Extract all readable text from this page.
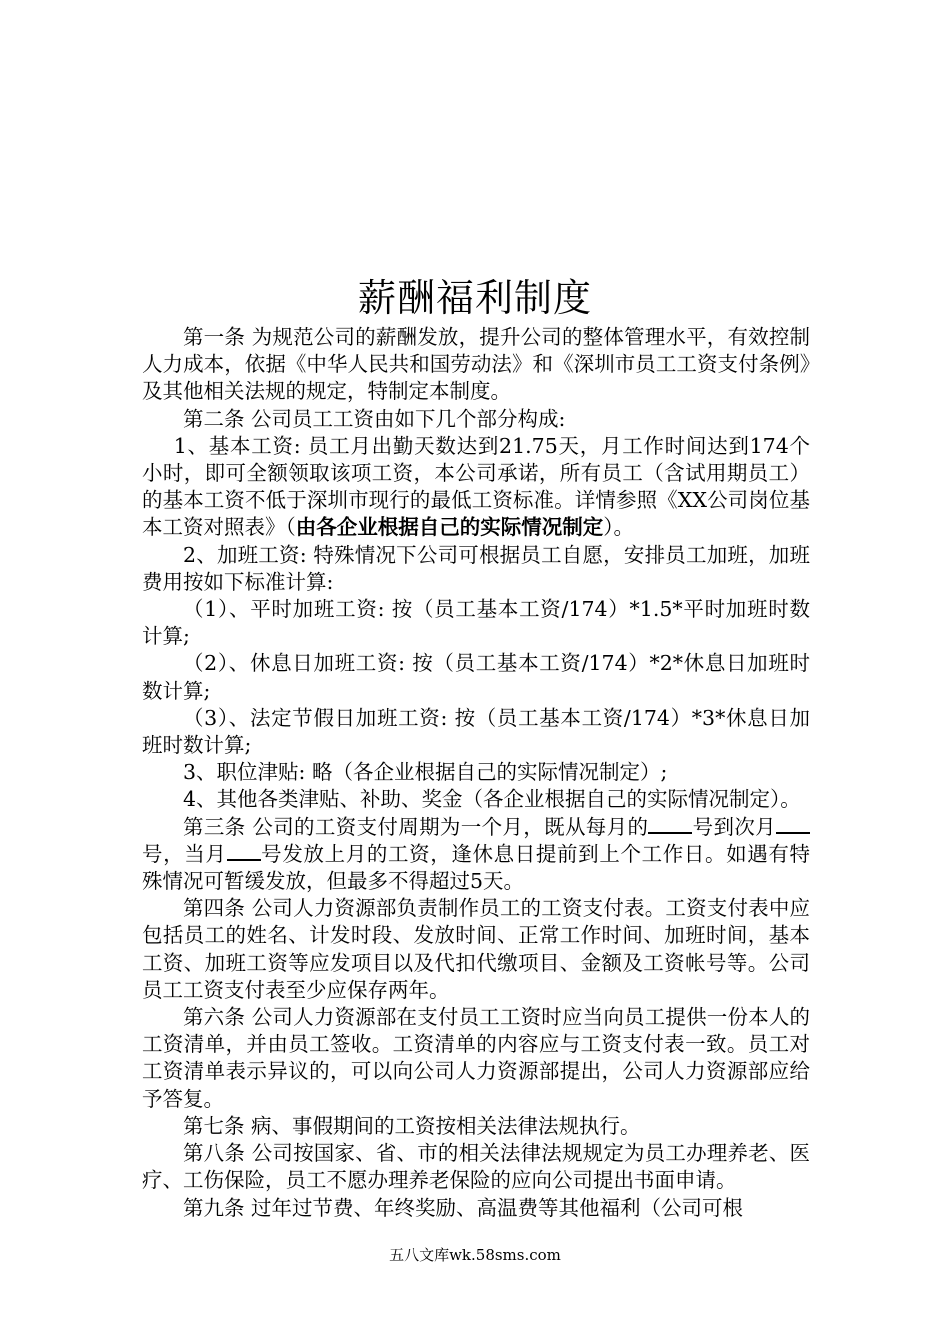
薪酬福利制度

第一条 为规范公司的薪酬发放，提升公司的整体管理水平，有效控制人力成本，依据《中华人民共和国劳动法》和《深圳市员工工资支付条例》及其他相关法规的规定，特制定本制度。

第二条 公司员工工资由如下几个部分构成:

1、基本工资: 员工月出勤天数达到21.75天，月工作时间达到174个小时，即可全额领取该项工资，本公司承诺，所有员工（含试用期员工）的基本工资不低于深圳市现行的最低工资标准。详情参照《XX公司岗位基本工资对照表》（由各企业根据自己的实际情况制定）。

2、加班工资: 特殊情况下公司可根据员工自愿，安排员工加班，加班费用按如下标准计算:

（1）、平时加班工资: 按（员工基本工资/174）*1.5*平时加班时数计算;

（2）、休息日加班工资: 按（员工基本工资/174）*2*休息日加班时数计算;

（3）、法定节假日加班工资: 按（员工基本工资/174）*3*休息日加班时数计算;

3、职位津贴: 略（各企业根据自己的实际情况制定）;

4、其他各类津贴、补助、奖金（各企业根据自己的实际情况制定）。

第三条 公司的工资支付周期为一个月，既从每月的 号到次月号，当月 号发放上月的工资，逢休息日提前到上个工作日。如遇有特殊情况可暂缓发放，但最多不得超过5天。

第四条 公司人力资源部负责制作员工的工资支付表。工资支付表中应包括员工的姓名、计发时段、发放时间、正常工作时间、加班时间，基本工资、加班工资等应发项目以及代扣代缴项目、金额及工资帐号等。公司员工工资支付表至少应保存两年。

第六条 公司人力资源部在支付员工工资时应当向员工提供一份本人的工资清单，并由员工签收。工资清单的内容应与工资支付表一致。员工对工资清单表示异议的，可以向公司人力资源部提出，公司人力资源部应给予答复。

第七条 病、事假期间的工资按相关法律法规执行。

第八条 公司按国家、省、市的相关法律法规规定为员工办理养老、医疗、工伤保险，员工不愿办理养老保险的应向公司提出书面申请。

第九条 过年过节费、年终奖励、高温费等其他福利（公司可根

五八文库wk.58sms.com
